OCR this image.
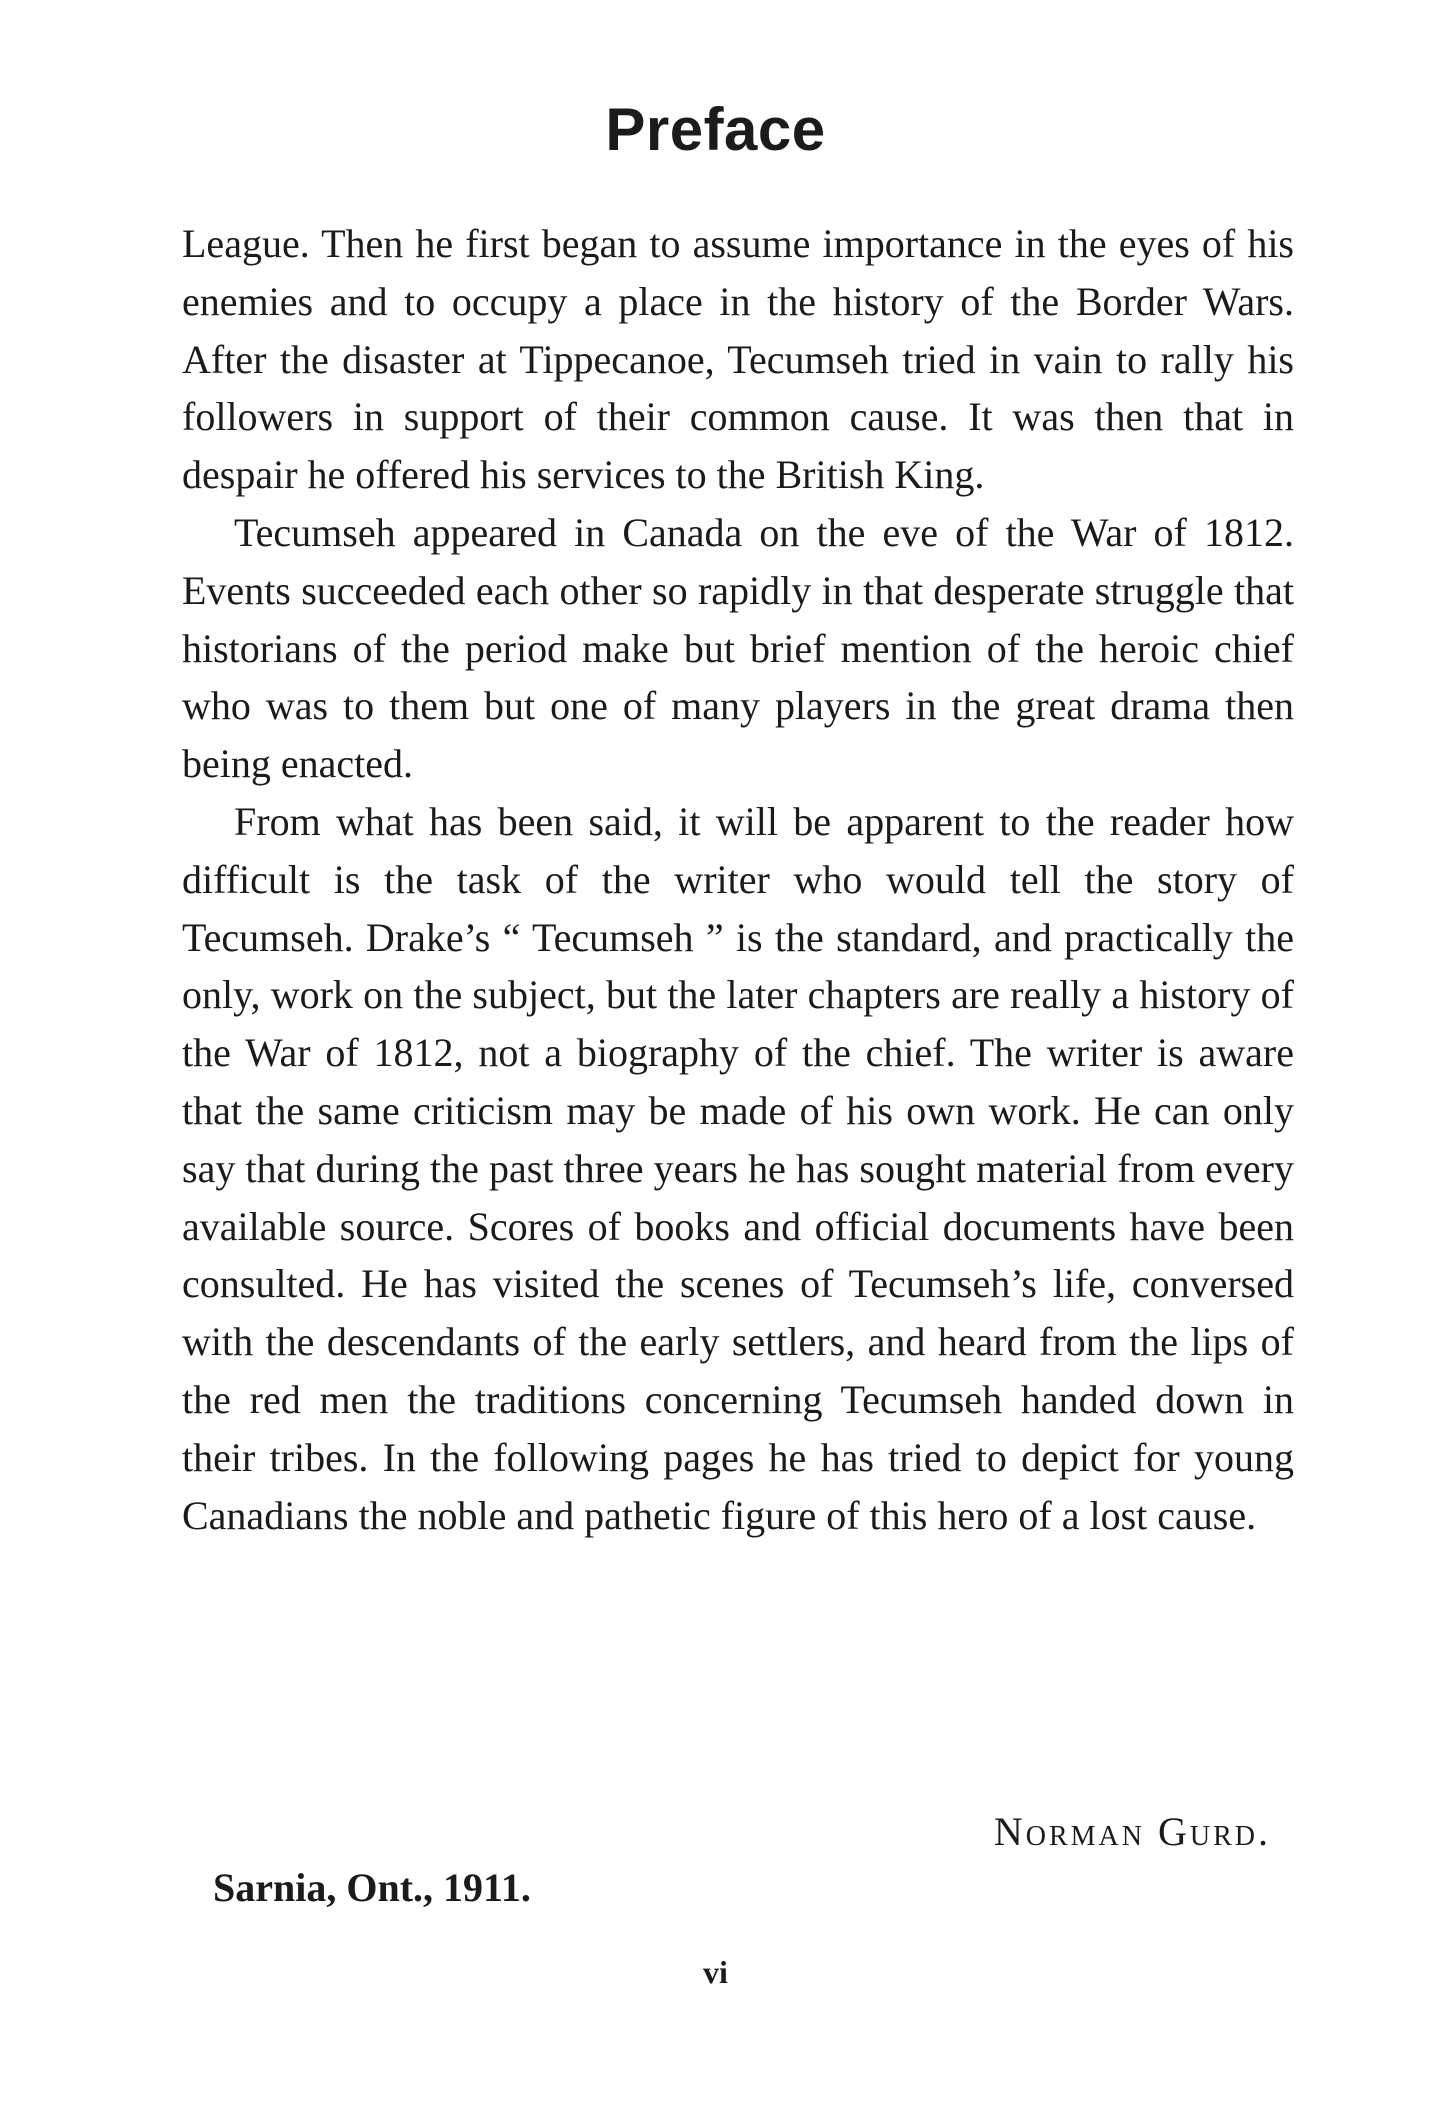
Preface

League. Then he first began to assume importance in the eyes of his enemies and to occupy a place in the history of the Border Wars. After the disaster at Tippecanoe, Tecumseh tried in vain to rally his followers in support of their common cause. It was then that in despair he offered his services to the British King.

Tecumseh appeared in Canada on the eve of the War of 1812. Events succeeded each other so rapidly in that desperate struggle that historians of the period make but brief mention of the heroic chief who was to them but one of many players in the great drama then being enacted.

From what has been said, it will be apparent to the reader how difficult is the task of the writer who would tell the story of Tecumseh. Drake’s “ Tecumseh ” is the standard, and practically the only, work on the subject, but the later chapters are really a history of the War of 1812, not a biography of the chief. The writer is aware that the same criticism may be made of his own work. He can only say that during the past three years he has sought material from every available source. Scores of books and official documents have been consulted. He has visited the scenes of Tecumseh’s life, conversed with the descendants of the early settlers, and heard from the lips of the red men the traditions concerning Tecumseh handed down in their tribes. In the following pages he has tried to depict for young Canadians the noble and pathetic figure of this hero of a lost cause.

Norman Gurd.
Sarnia, Ont., 1911.
vi
